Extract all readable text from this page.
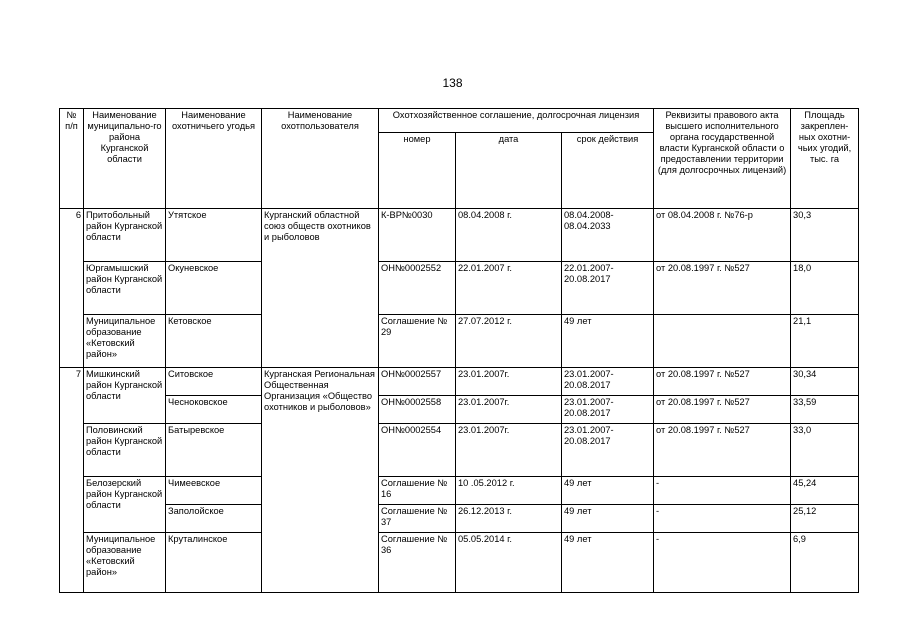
138
№ п/п	Наименование муниципально-го района Курганской области	Наименование охотничьего угодья	Наименование охотпользователя	Охотхозяйственное соглашение, долгосрочная лицензия			Реквизиты правового акта высшего исполнительного органа государственной власти Курганской области о предоставлении территории (для долгосрочных лицензий)	Площадь закреплен-ных охотни-чьих угодий, тыс. га
				номер	дата	срок действия		
6	Притобольный район Курганской области	Утятское	Курганский областной союз обществ охотников и рыболовов	К-ВР№0030	08.04.2008 г.	08.04.2008-08.04.2033	от 08.04.2008 г. №76-р	30,3
	Юргамышский район Курганской области	Окуневское		ОН№0002552	22.01.2007 г.	22.01.2007-20.08.2017	от 20.08.1997 г. №527	18,0
	Муниципальное образование «Кетовский район»	Кетовское		Соглашение № 29	27.07.2012 г.	49 лет		21,1
7	Мишкинский район Курганской области	Ситовское	Курганская Региональная Общественная Организация «Общество охотников и рыболовов»	ОН№0002557	23.01.2007г.	23.01.2007-20.08.2017	от 20.08.1997 г. №527	30,34
		Чесноковское		ОН№0002558	23.01.2007г.	23.01.2007-20.08.2017	от 20.08.1997 г. №527	33,59
	Половинский район Курганской области	Батыревское		ОН№0002554	23.01.2007г.	23.01.2007-20.08.2017	от 20.08.1997 г. №527	33,0
	Белозерский район Курганской области	Чимеевское		Соглашение № 16	10 .05.2012 г.	49 лет	-	45,24
		Заполойское		Соглашение № 37	26.12.2013 г.	49 лет	-	25,12
	Муниципальное образование «Кетовский район»	Круталинское		Соглашение № 36	05.05.2014 г.	49 лет	-	6,9
